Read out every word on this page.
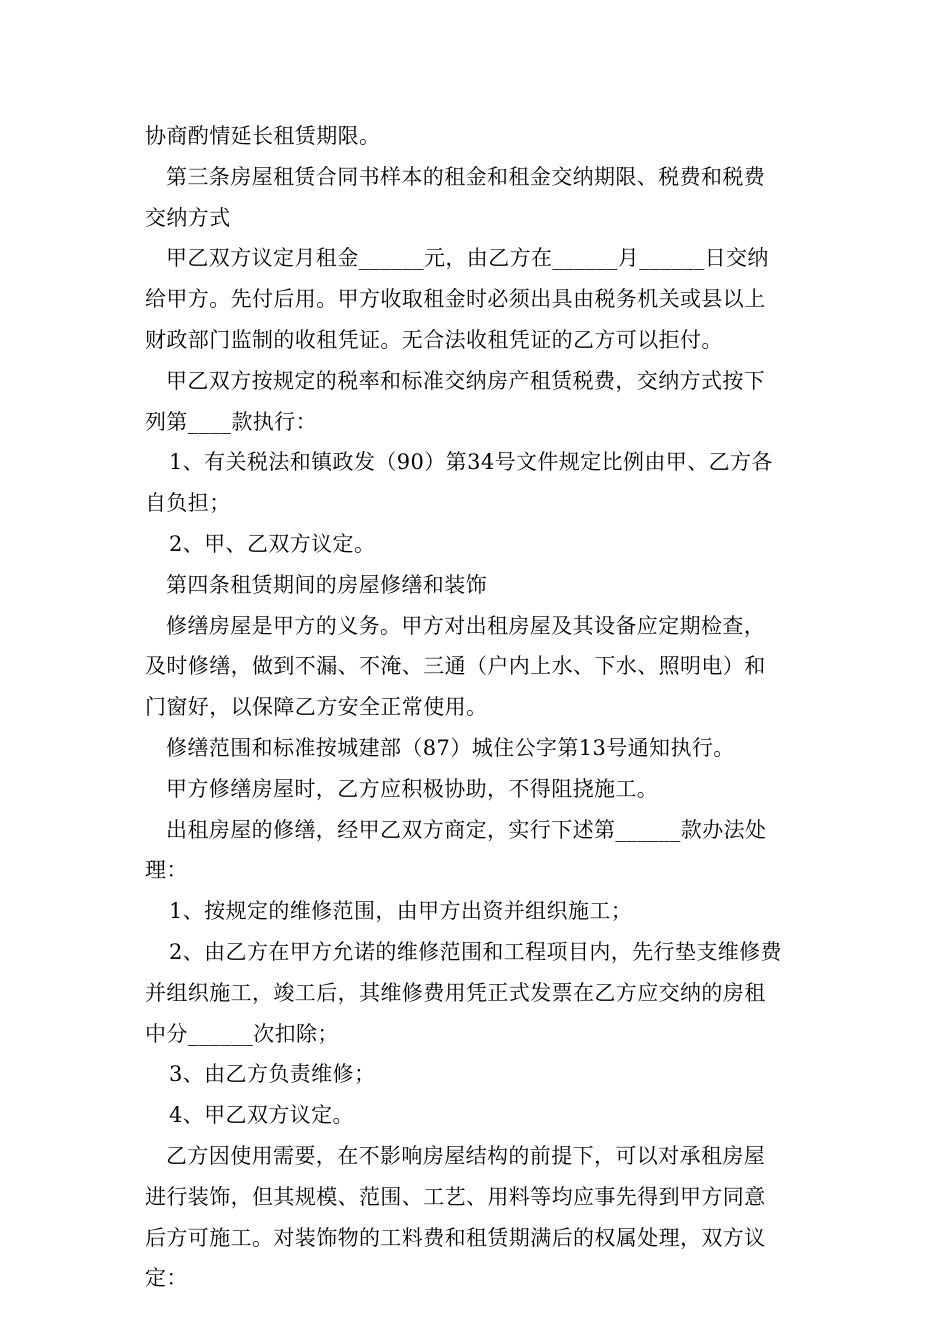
协商酌情延长租赁期限。
第三条房屋租赁合同书样本的租金和租金交纳期限、税费和税费
交纳方式
甲乙双方议定月租金______元，由乙方在______月______日交纳
给甲方。先付后用。甲方收取租金时必须出具由税务机关或县以上
财政部门监制的收租凭证。无合法收租凭证的乙方可以拒付。
甲乙双方按规定的税率和标准交纳房产租赁税费，交纳方式按下
列第____款执行：
1、有关税法和镇政发（90）第34号文件规定比例由甲、乙方各
自负担；
2、甲、乙双方议定。
第四条租赁期间的房屋修缮和装饰
修缮房屋是甲方的义务。甲方对出租房屋及其设备应定期检查，
及时修缮，做到不漏、不淹、三通（户内上水、下水、照明电）和
门窗好，以保障乙方安全正常使用。
修缮范围和标准按城建部（87）城住公字第13号通知执行。
甲方修缮房屋时，乙方应积极协助，不得阻挠施工。
出租房屋的修缮，经甲乙双方商定，实行下述第______款办法处
理：
1、按规定的维修范围，由甲方出资并组织施工；
2、由乙方在甲方允诺的维修范围和工程项目内，先行垫支维修费
并组织施工，竣工后，其维修费用凭正式发票在乙方应交纳的房租
中分______次扣除；
3、由乙方负责维修；
4、甲乙双方议定。
乙方因使用需要，在不影响房屋结构的前提下，可以对承租房屋
进行装饰，但其规模、范围、工艺、用料等均应事先得到甲方同意
后方可施工。对装饰物的工料费和租赁期满后的权属处理，双方议
定：
